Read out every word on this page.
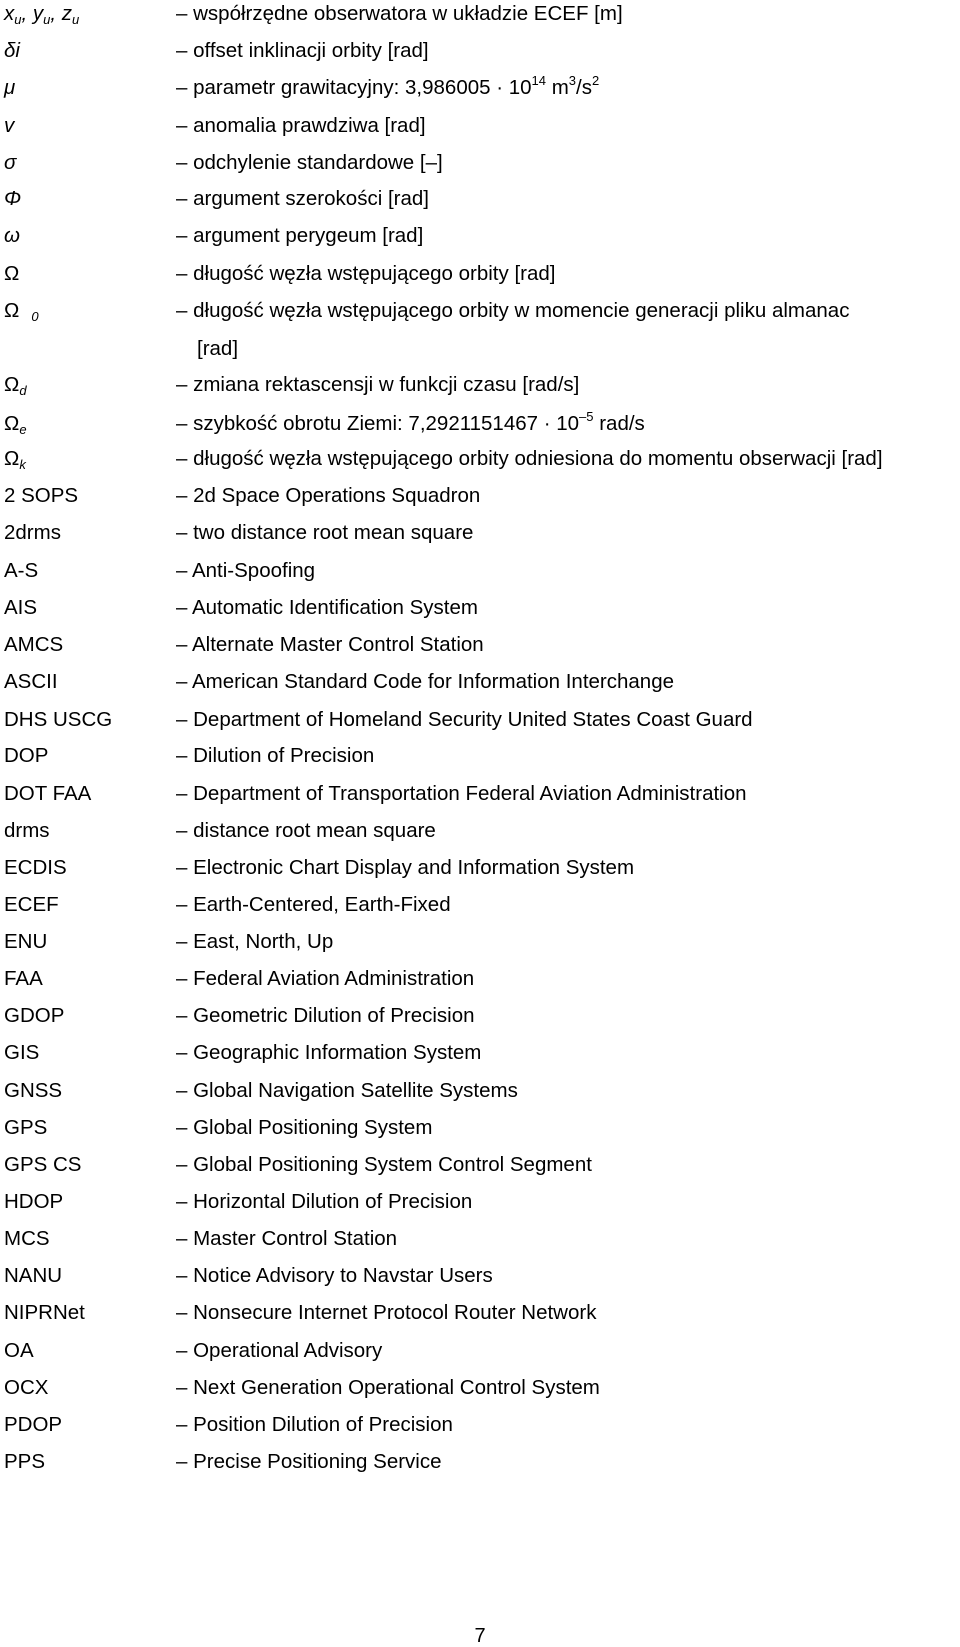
$x_u$, $y_u$, $z_u$	– współrzędne obserwatora w układzie ECEF [m]
δi	– offset inklinacji orbity [rad]
μ	– parametr grawitacyjny: $3,986005 \cdot 10^{14}$ $m^3/s^2$
v	– anomalia prawdziwa [rad]
σ	– odchylenie standardowe [–]
Φ	– argument szerokości [rad]
ω	– argument perygeum [rad]
Ω	– długość węzła wstępującego orbity [rad]
Ω $_0$	– długość węzła wstępującego orbity w momencie generacji pliku almanac
[rad]
$\Omega_d$	– zmiana rektascensji w funkcji czasu [rad/s]
$\Omega_e$	– szybkość obrotu Ziemi: $7,2921151467 \cdot 10^{-5}$ rad/s
$\Omega_k$	– długość węzła wstępującego orbity odniesiona do momentu obserwacji [rad]
2 SOPS	– 2d Space Operations Squadron
2drms	– two distance root mean square
A-S	– Anti-Spoofing
AIS	– Automatic Identification System
AMCS	– Alternate Master Control Station
ASCII	– American Standard Code for Information Interchange
DHS USCG	– Department of Homeland Security United States Coast Guard
DOP	– Dilution of Precision
DOT FAA	– Department of Transportation Federal Aviation Administration
drms	– distance root mean square
ECDIS	– Electronic Chart Display and Information System
ECEF	– Earth-Centered, Earth-Fixed
ENU	– East, North, Up
FAA	– Federal Aviation Administration
GDOP	– Geometric Dilution of Precision
GIS	– Geographic Information System
GNSS	– Global Navigation Satellite Systems
GPS	– Global Positioning System
GPS CS	– Global Positioning System Control Segment
HDOP	– Horizontal Dilution of Precision
MCS	– Master Control Station
NANU	– Notice Advisory to Navstar Users
NIPRNet	– Nonsecure Internet Protocol Router Network
OA	– Operational Advisory
OCX	– Next Generation Operational Control System
PDOP	– Position Dilution of Precision
PPS	– Precise Positioning Service
7
